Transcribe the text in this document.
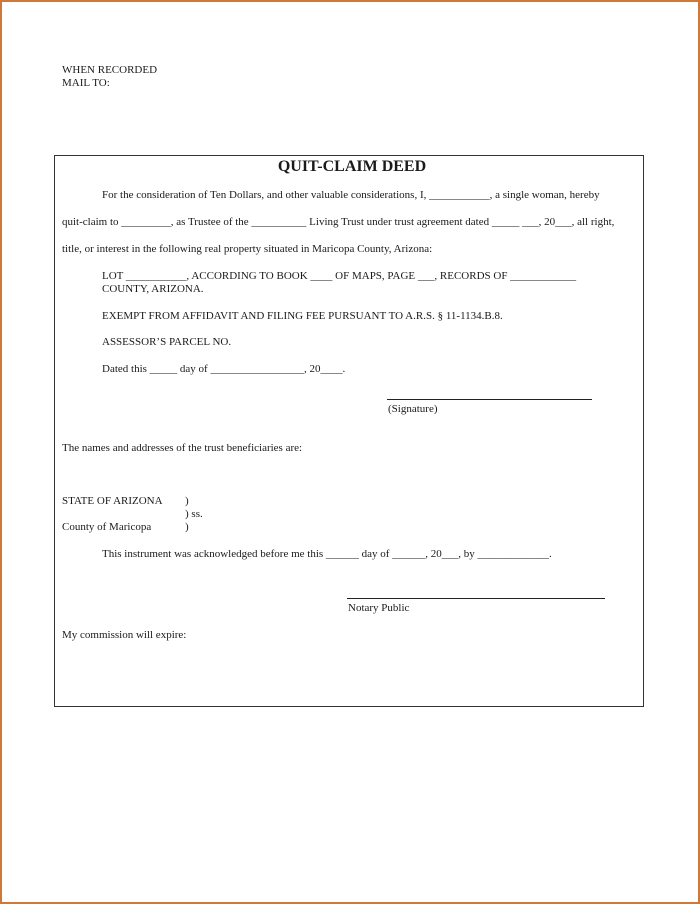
WHEN RECORDED
MAIL TO:
QUIT-CLAIM DEED
For the consideration of Ten Dollars, and other valuable considerations, I, ___________, a single woman, hereby
quit-claim to _________, as Trustee of the __________ Living Trust under trust agreement dated _____ ___, 20___, all right,
title, or interest in the following real property situated in Maricopa County, Arizona:
LOT ___________, ACCORDING TO BOOK ____ OF MAPS, PAGE ___, RECORDS OF ____________
COUNTY, ARIZONA.
EXEMPT FROM AFFIDAVIT AND FILING FEE PURSUANT TO A.R.S. § 11-1134.B.8.
ASSESSOR’S PARCEL NO.
Dated this _____ day of _________________, 20____.
(Signature)
The names and addresses of the trust beneficiaries are:
STATE OF ARIZONA )
) ss.
County of Maricopa	)
This instrument was acknowledged before me this ______ day of ______, 20___, by _____________.
Notary Public
My commission will expire:
